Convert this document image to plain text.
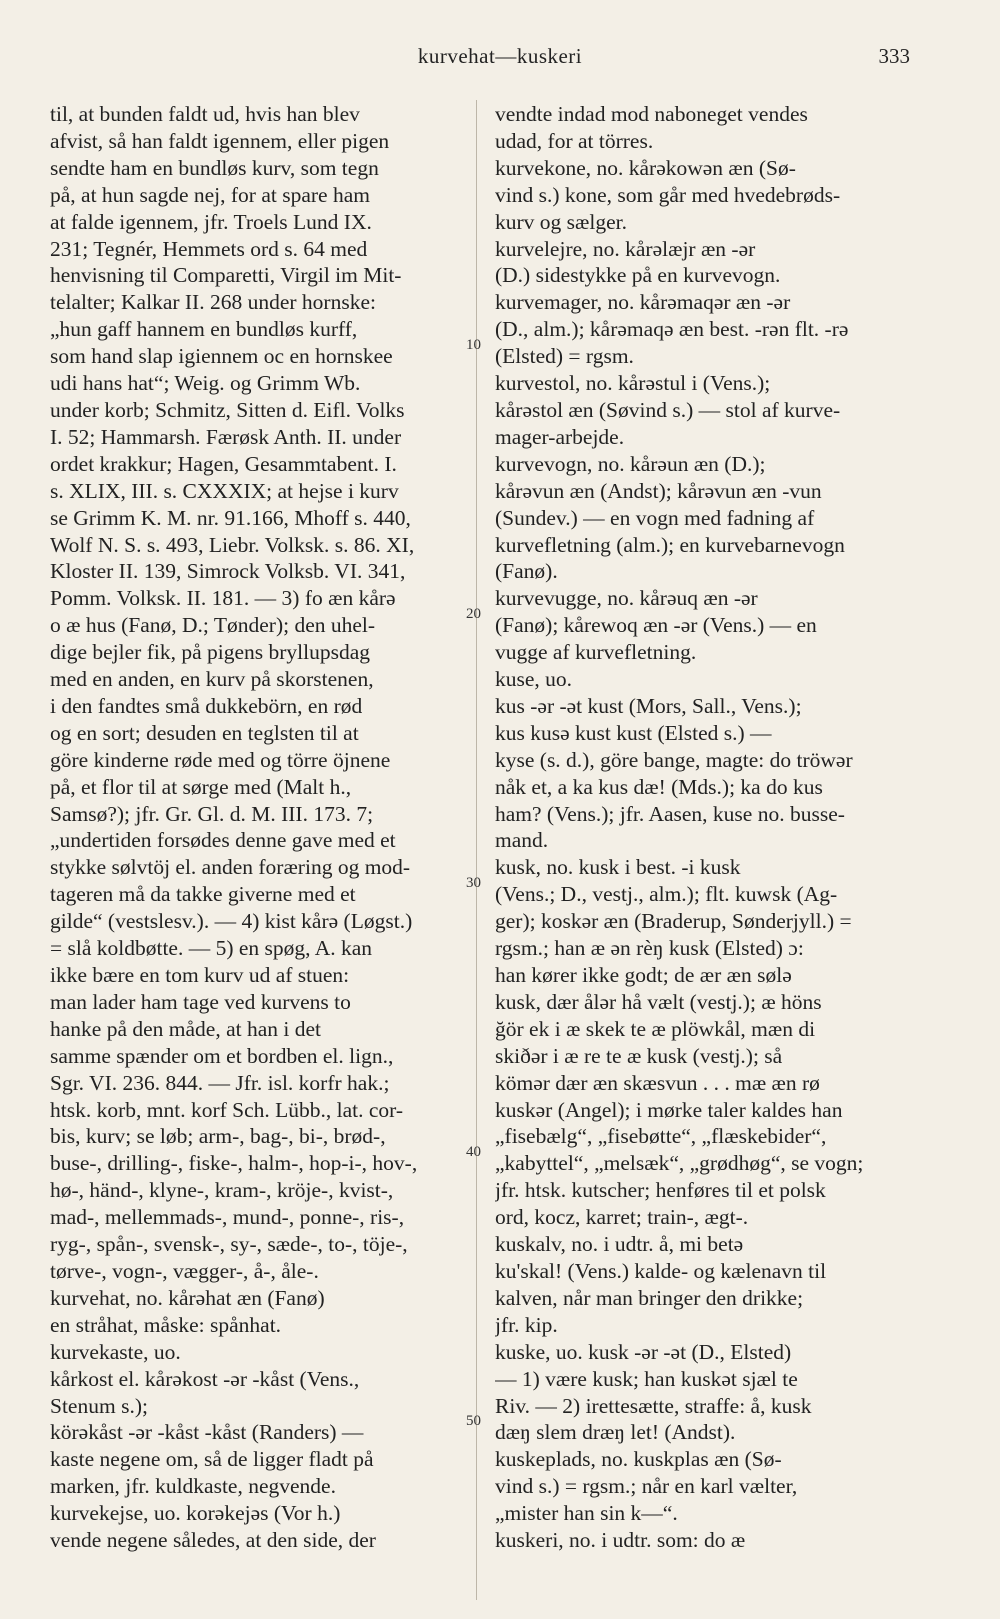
kurvehat—kuskeri	333
til, at bunden faldt ud, hvis han blev
afvist, så han faldt igennem, eller pigen
sendte ham en bundløs kurv, som tegn
på, at hun sagde nej, for at spare ham
at falde igennem, jfr. Troels Lund IX.
231; Tegnér, Hemmets ord s. 64 med
henvisning til Comparetti, Virgil im Mit-
telalter; Kalkar II. 268 under hornske:
„hun gaff hannem en bundløs kurff,
som hand slap igiennem oc en hornskee
udi hans hat“; Weig. og Grimm Wb.
under korb; Schmitz, Sitten d. Eifl. Volks
I. 52; Hammarsh. Færøsk Anth. II. under
ordet krakkur; Hagen, Gesammtabent. I.
s. XLIX, III. s. CXXXIX; at hejse i kurv
se Grimm K. M. nr. 91.166, Mhoff s. 440,
Wolf N. S. s. 493, Liebr. Volksk. s. 86. XI,
Kloster II. 139, Simrock Volksb. VI. 341,
Pomm. Volksk. II. 181. — 3) fo æn kårə
o æ hus (Fanø, D.; Tønder); den uhel-
dige bejler fik, på pigens bryllupsdag
med en anden, en kurv på skorstenen,
i den fandtes små dukkebörn, en rød
og en sort; desuden en teglsten til at
göre kinderne røde med og törre öjnene
på, et flor til at sørge med (Malt h.,
Samsø?); jfr. Gr. Gl. d. M. III. 173. 7;
„undertiden forsødes denne gave med et
stykke sølvtöj el. anden foræring og mod-
tageren må da takke giverne med et
gilde“ (vestslesv.). — 4) kist kårə (Løgst.)
= slå koldbøtte. — 5) en spøg, A. kan
ikke bære en tom kurv ud af stuen:
man lader ham tage ved kurvens to
hanke på den måde, at han i det
samme spænder om et bordben el. lign.,
Sgr. VI. 236. 844. — Jfr. isl. korfr hak.;
htsk. korb, mnt. korf Sch. Lübb., lat. cor-
bis, kurv; se løb; arm-, bag-, bi-, brød-,
buse-, drilling-, fiske-, halm-, hop-i-, hov-,
hø-, händ-, klyne-, kram-, kröje-, kvist-,
mad-, mellemmads-, mund-, ponne-, ris-,
ryg-, spån-, svensk-, sy-, sæde-, to-, töje-,
tørve-, vogn-, vægger-, å-, åle-.
kurvehat, no. kårəhat æn (Fanø)
en stråhat, måske: spånhat.
kurvekaste, uo.
kårkost el. kårəkost -ər -kåst (Vens.,
Stenum s.);
körəkåst -ər -kåst -kåst (Randers) —
kaste negene om, så de ligger fladt på
marken, jfr. kuldkaste, negvende.
kurvekejse, uo. korəkejəs (Vor h.)
vende negene således, at den side, der
vendte indad mod naboneget vendes
udad, for at törres.
kurvekone, no. kårəkowən æn (Sø-
vind s.) kone, som går med hvedebrøds-
kurv og sælger.
kurvelejre, no. kårəlæjr æn -ər
(D.) sidestykke på en kurvevogn.
kurvemager, no. kårəmaqər æn -ər
(D., alm.); kårəmaqə æn best. -rən flt. -rə
(Elsted) = rgsm.
kurvestol, no. kårəstul i (Vens.);
kårəstol æn (Søvind s.) — stol af kurve-
mager-arbejde.
kurvevogn, no. kårəun æn (D.);
kårəvun æn (Andst); kårəvun æn -vun
(Sundev.) — en vogn med fadning af
kurvefletning (alm.); en kurvebarnevogn
(Fanø).
kurvevugge, no. kårəuq æn -ər
(Fanø); kårewoq æn -ər (Vens.) — en
vugge af kurvefletning.
kuse, uo.
kus -ər -ət kust (Mors, Sall., Vens.);
kus kusə kust kust (Elsted s.) —
kyse (s. d.), göre bange, magte: do tröwər
nåk et, a ka kus dæ! (Mds.); ka do kus
ham? (Vens.); jfr. Aasen, kuse no. busse-
mand.
kusk, no. kusk i best. -i kusk
(Vens.; D., vestj., alm.); flt. kuwsk (Ag-
ger); koskər æn (Braderup, Sønderjyll.) =
rgsm.; han æ ən rèŋ kusk (Elsted) ɔ:
han kører ikke godt; de ær æn sølə
kusk, dær ålər hå vælt (vestj.); æ höns
ğör ek i æ skek te æ plöwkål, mæn di
skiðər i æ re te æ kusk (vestj.); så
kömər dær æn skæsvun . . . mæ æn rø
kuskər (Angel); i mørke taler kaldes han
„fisebælg“, „fisebøtte“, „flæskebider“,
„kabyttel“, „melsæk“, „grødhøg“, se vogn;
jfr. htsk. kutscher; henføres til et polsk
ord, kocz, karret; train-, ægt-.
kuskalv, no. i udtr. å, mi betə
ku'skal! (Vens.) kalde- og kælenavn til
kalven, når man bringer den drikke;
jfr. kip.
kuske, uo. kusk -ər -ət (D., Elsted)
— 1) være kusk; han kuskət sjæl te
Riv. — 2) irettesætte, straffe: å, kusk
dæŋ slem dræŋ let! (Andst).
kuskeplads, no. kuskplas æn (Sø-
vind s.) = rgsm.; når en karl vælter,
„mister han sin k—“.
kuskeri, no. i udtr. som: do æ
10
20
30
40
50
